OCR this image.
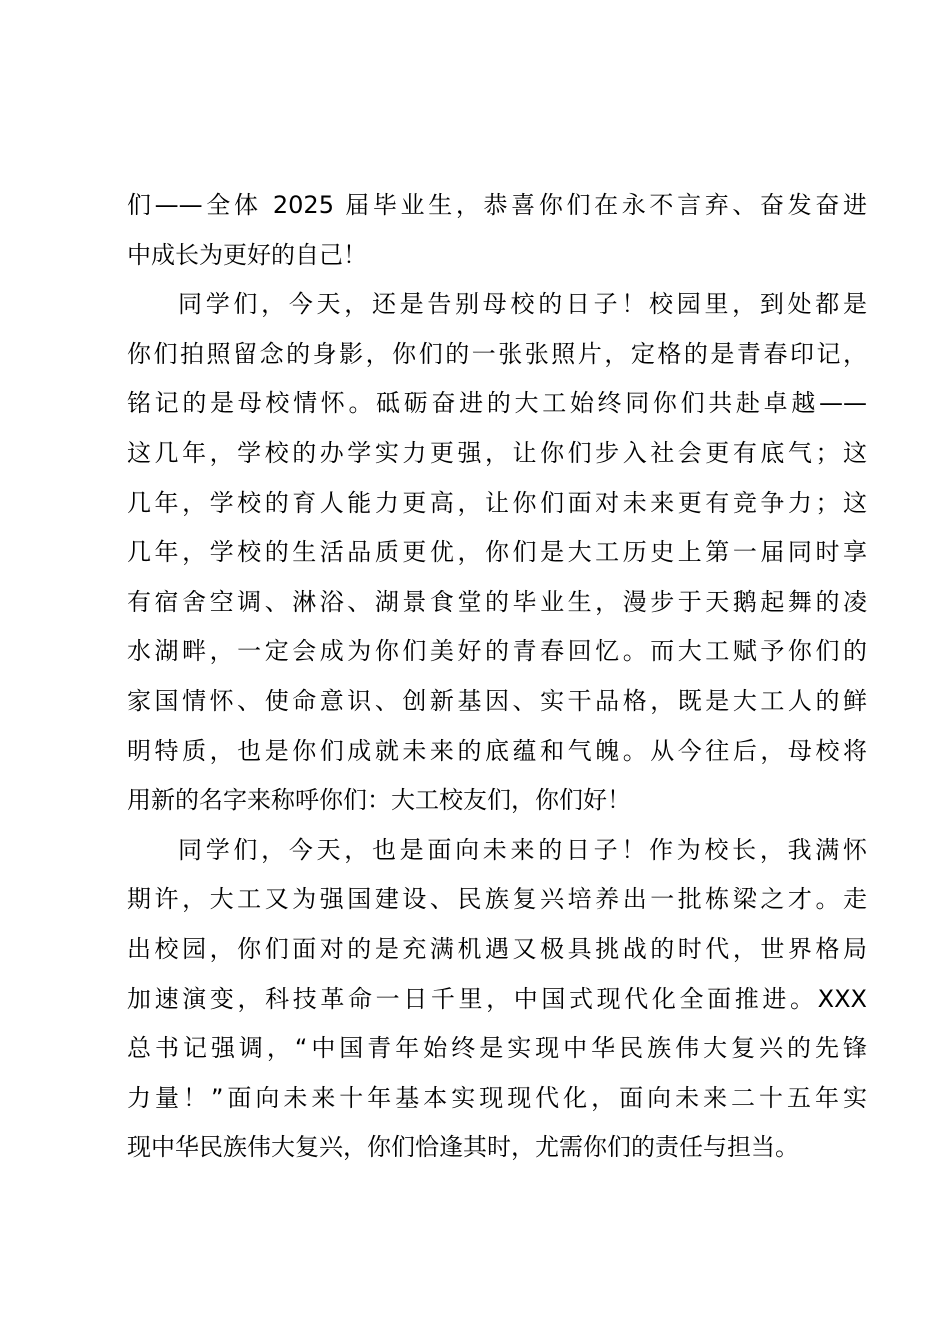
们——全体 2025 届毕业生，恭喜你们在永不言弃、奋发奋进
中成长为更好的自己！
同学们，今天，还是告别母校的日子！校园里，到处都是
你们拍照留念的身影，你们的一张张照片，定格的是青春印记，
铭记的是母校情怀。砥砺奋进的大工始终同你们共赴卓越——
这几年，学校的办学实力更强，让你们步入社会更有底气；这
几年，学校的育人能力更高，让你们面对未来更有竞争力；这
几年，学校的生活品质更优，你们是大工历史上第一届同时享
有宿舍空调、淋浴、湖景食堂的毕业生，漫步于天鹅起舞的凌
水湖畔，一定会成为你们美好的青春回忆。而大工赋予你们的
家国情怀、使命意识、创新基因、实干品格，既是大工人的鲜
明特质，也是你们成就未来的底蕴和气魄。从今往后，母校将
用新的名字来称呼你们：大工校友们，你们好！
同学们，今天，也是面向未来的日子！作为校长，我满怀
期许，大工又为强国建设、民族复兴培养出一批栋梁之才。走
出校园，你们面对的是充满机遇又极具挑战的时代，世界格局
加速演变，科技革命一日千里，中国式现代化全面推进。XXX
总书记强调，“中国青年始终是实现中华民族伟大复兴的先锋
力量！”面向未来十年基本实现现代化，面向未来二十五年实
现中华民族伟大复兴，你们恰逢其时，尤需你们的责任与担当。
